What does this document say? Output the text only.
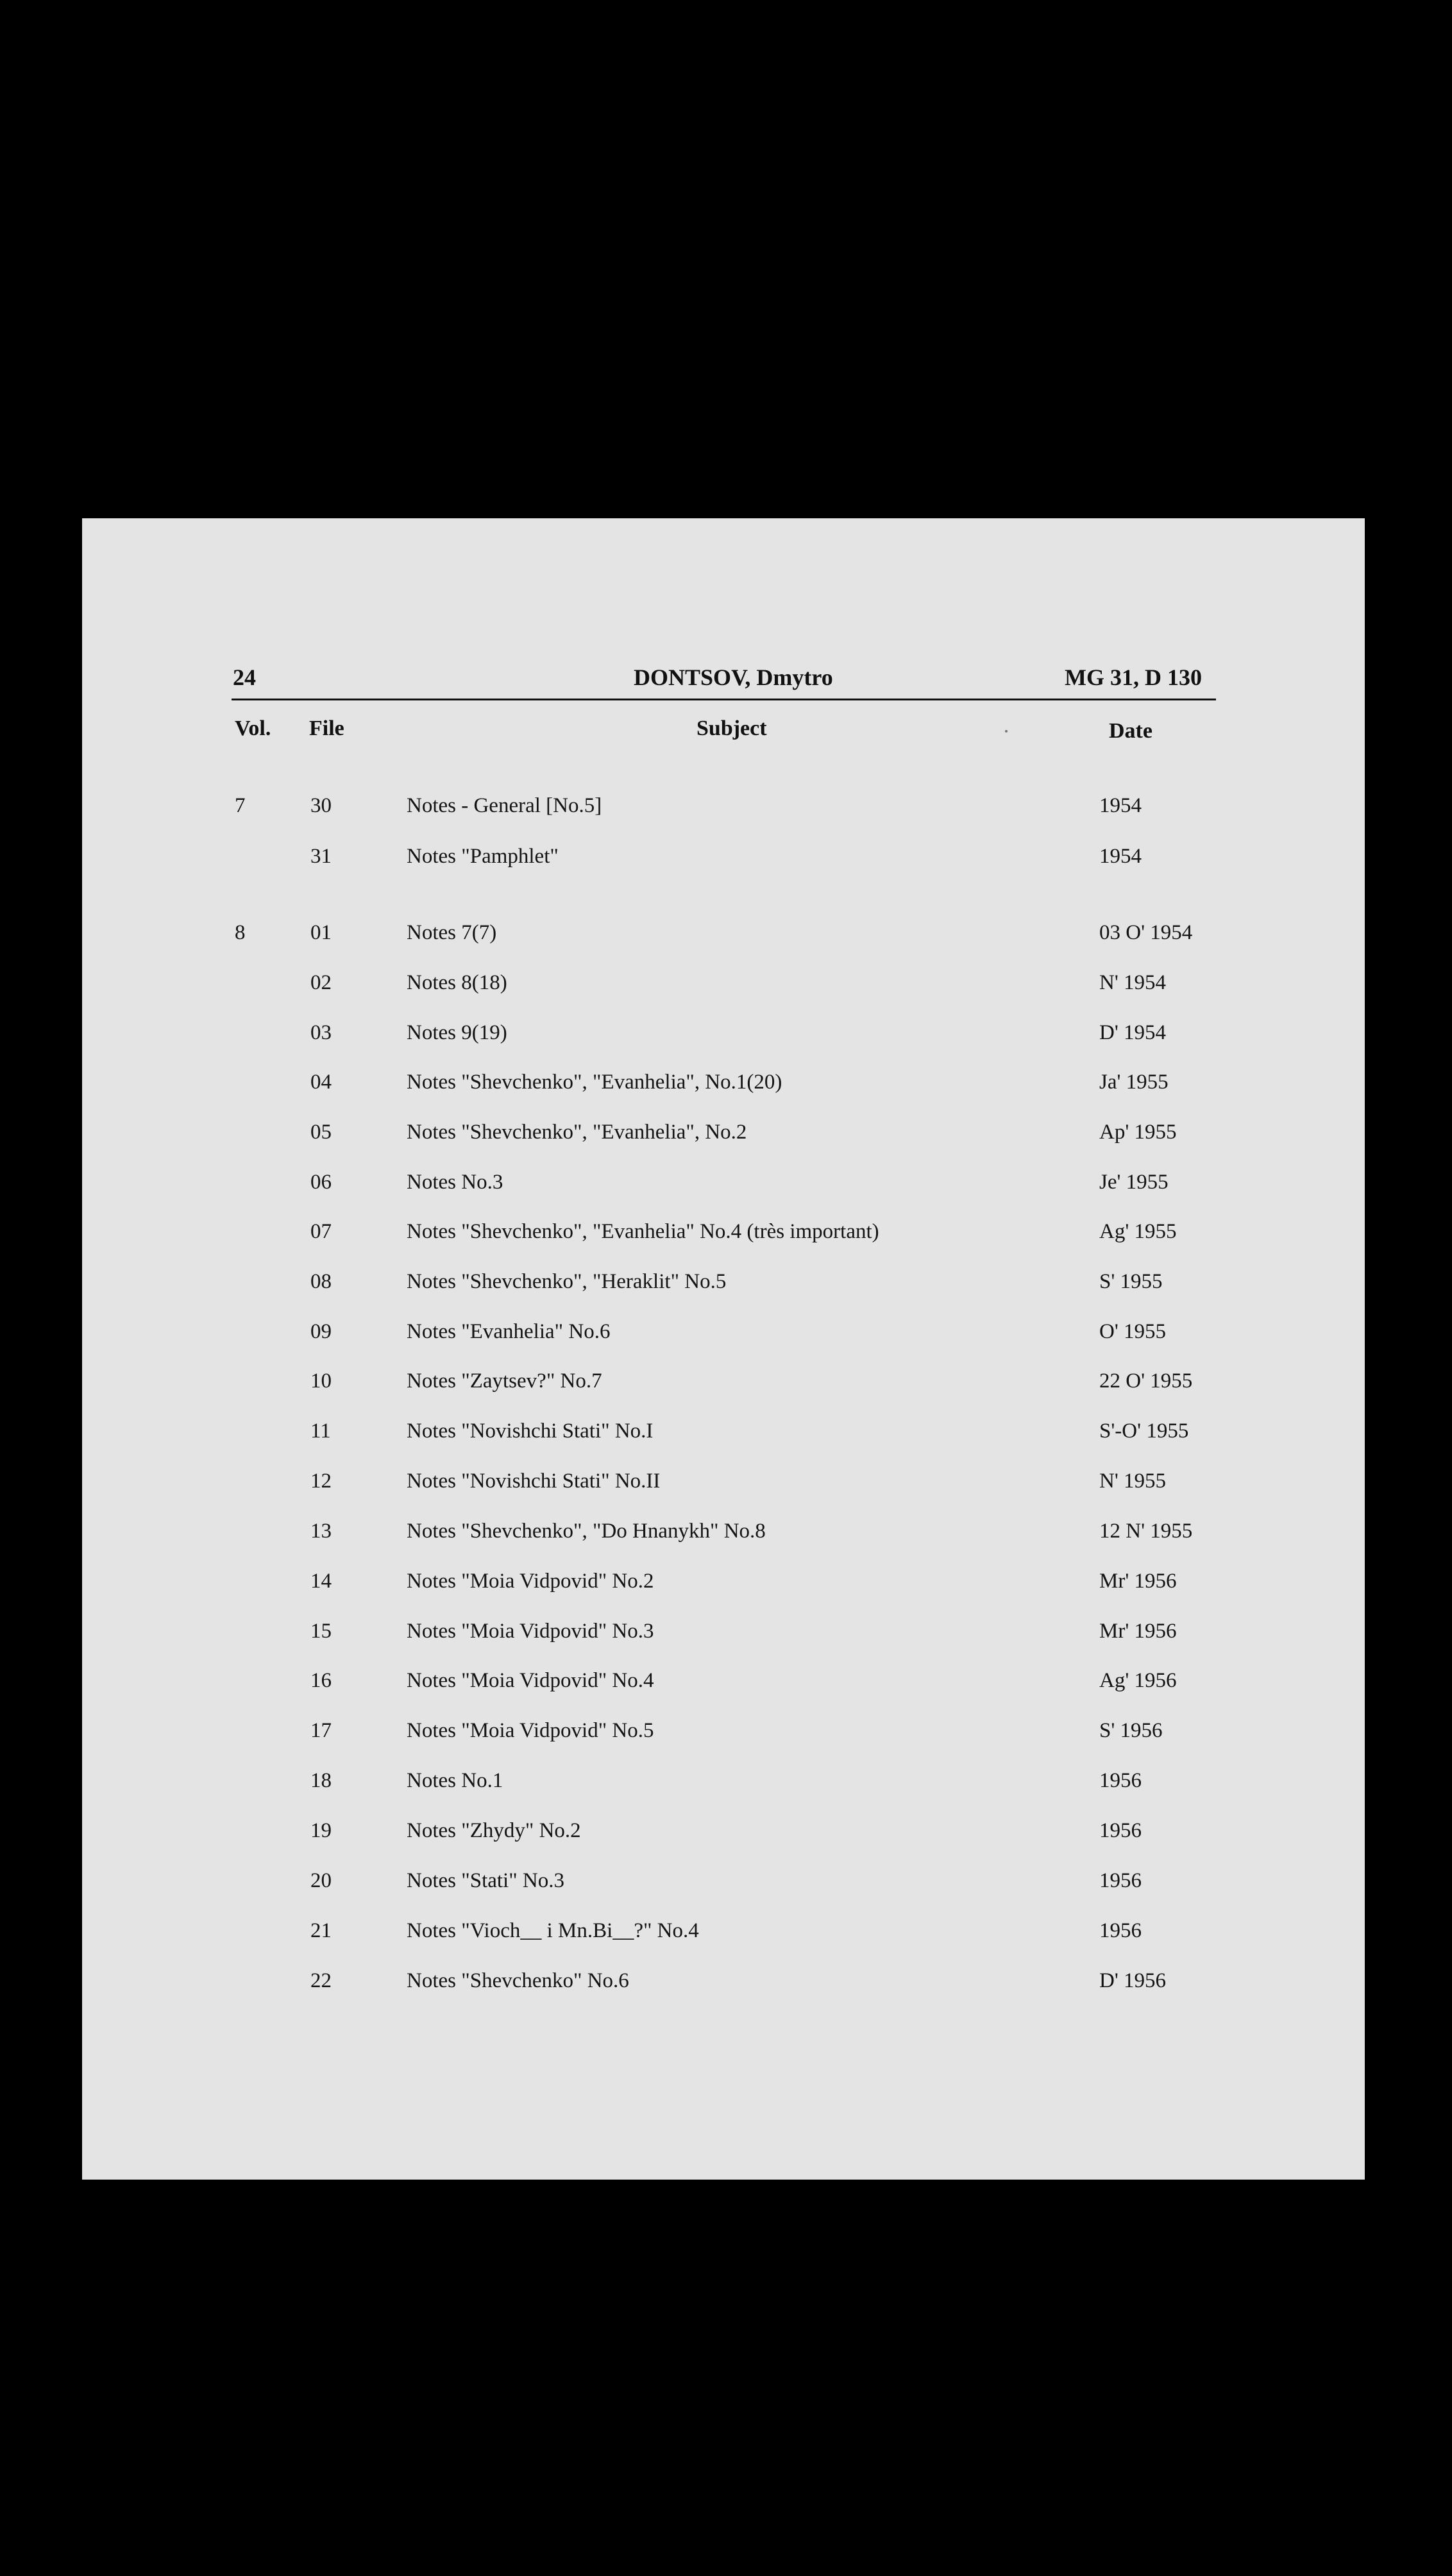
24	DONTSOV, Dmytro	MG 31, D 130
Vol. File	Subject	Date
7	30	Notes - General [No.5]	1954
31	Notes "Pamphlet"	1954
8	01	Notes 7(7)	03 O' 1954
02	Notes 8(18)	N' 1954
03	Notes 9(19)	D' 1954
04	Notes "Shevchenko", "Evanhelia", No.1(20)	Ja' 1955
05	Notes "Shevchenko", "Evanhelia", No.2	Ap' 1955
06	Notes No.3	Je' 1955
07	Notes "Shevchenko", "Evanhelia" No.4 (très important)	Ag' 1955
08	Notes "Shevchenko", "Heraklit" No.5	S' 1955
09	Notes "Evanhelia" No.6	O' 1955
10	Notes "Zaytsev?" No.7	22 O' 1955
11	Notes "Novishchi Stati" No.I	S'-O' 1955
12	Notes "Novishchi Stati" No.II	N' 1955
13	Notes "Shevchenko", "Do Hnanykh" No.8	12 N' 1955
14	Notes "Moia Vidpovid" No.2	Mr' 1956
15	Notes "Moia Vidpovid" No.3	Mr' 1956
16	Notes "Moia Vidpovid" No.4	Ag' 1956
17	Notes "Moia Vidpovid" No.5	S' 1956
18	Notes No.1	1956
19	Notes "Zhydy" No.2	1956
20	Notes "Stati" No.3	1956
21	Notes "Vioch__ i Mn.Bi__?" No.4	1956
22	Notes "Shevchenko" No.6	D' 1956
